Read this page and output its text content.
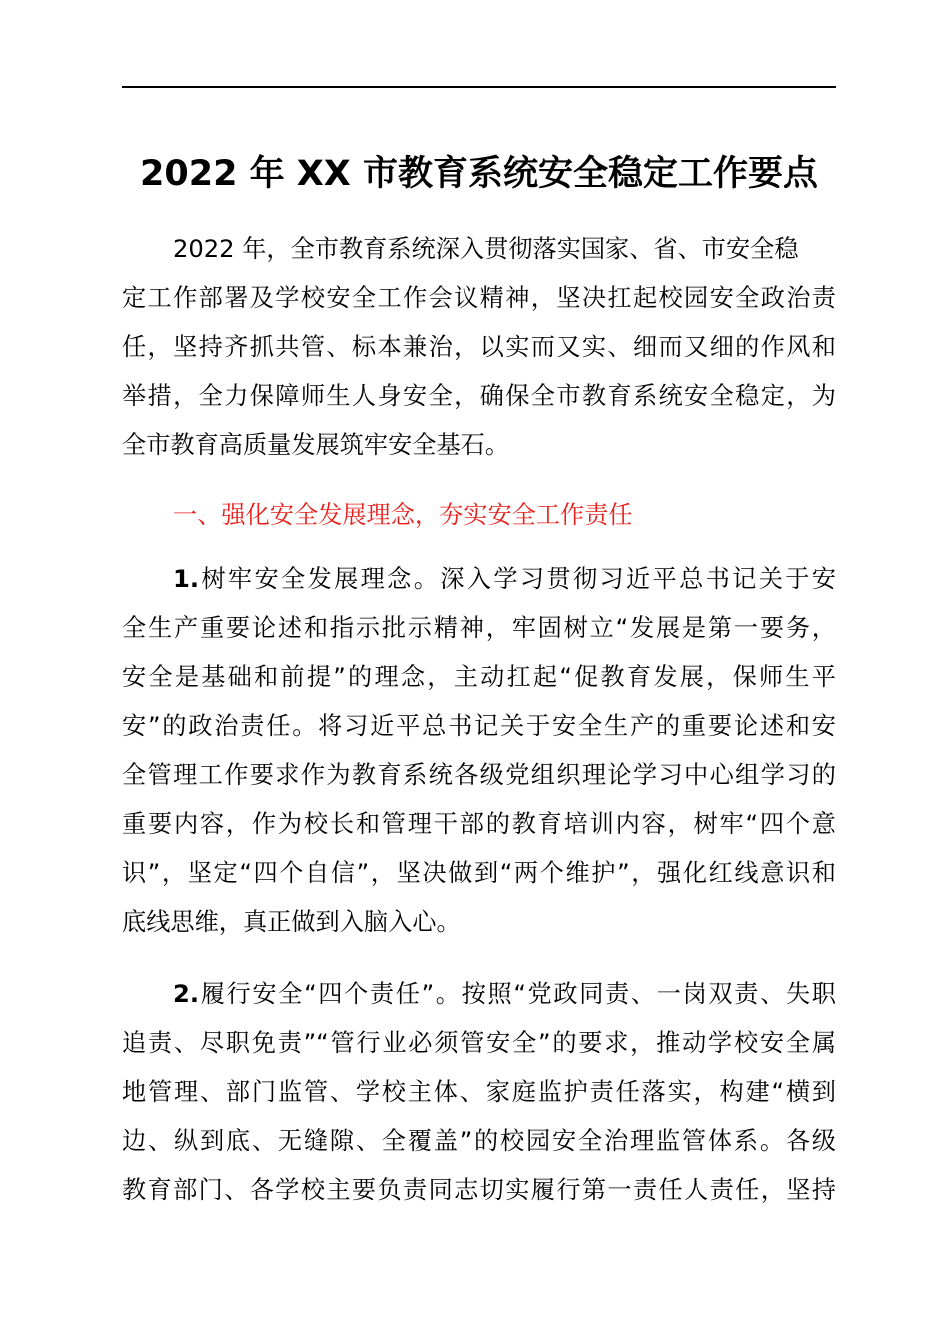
2022 年 XX 市教育系统安全稳定工作要点
2022 年，全市教育系统深入贯彻落实国家、省、市安全稳
定工作部署及学校安全工作会议精神，坚决扛起校园安全政治责
任，坚持齐抓共管、标本兼治，以实而又实、细而又细的作风和
举措，全力保障师生人身安全，确保全市教育系统安全稳定，为
全市教育高质量发展筑牢安全基石。
一、强化安全发展理念，夯实安全工作责任
1.树牢安全发展理念。深入学习贯彻习近平总书记关于安
全生产重要论述和指示批示精神，牢固树立“发展是第一要务，
安全是基础和前提”的理念，主动扛起“促教育发展，保师生平
安”的政治责任。将习近平总书记关于安全生产的重要论述和安
全管理工作要求作为教育系统各级党组织理论学习中心组学习的
重要内容，作为校长和管理干部的教育培训内容，树牢“四个意
识”，坚定“四个自信”，坚决做到“两个维护”，强化红线意识和
底线思维，真正做到入脑入心。
2.履行安全“四个责任”。按照“党政同责、一岗双责、失职
追责、尽职免责”“管行业必须管安全”的要求，推动学校安全属
地管理、部门监管、学校主体、家庭监护责任落实，构建“横到
边、纵到底、无缝隙、全覆盖”的校园安全治理监管体系。各级
教育部门、各学校主要负责同志切实履行第一责任人责任，坚持
